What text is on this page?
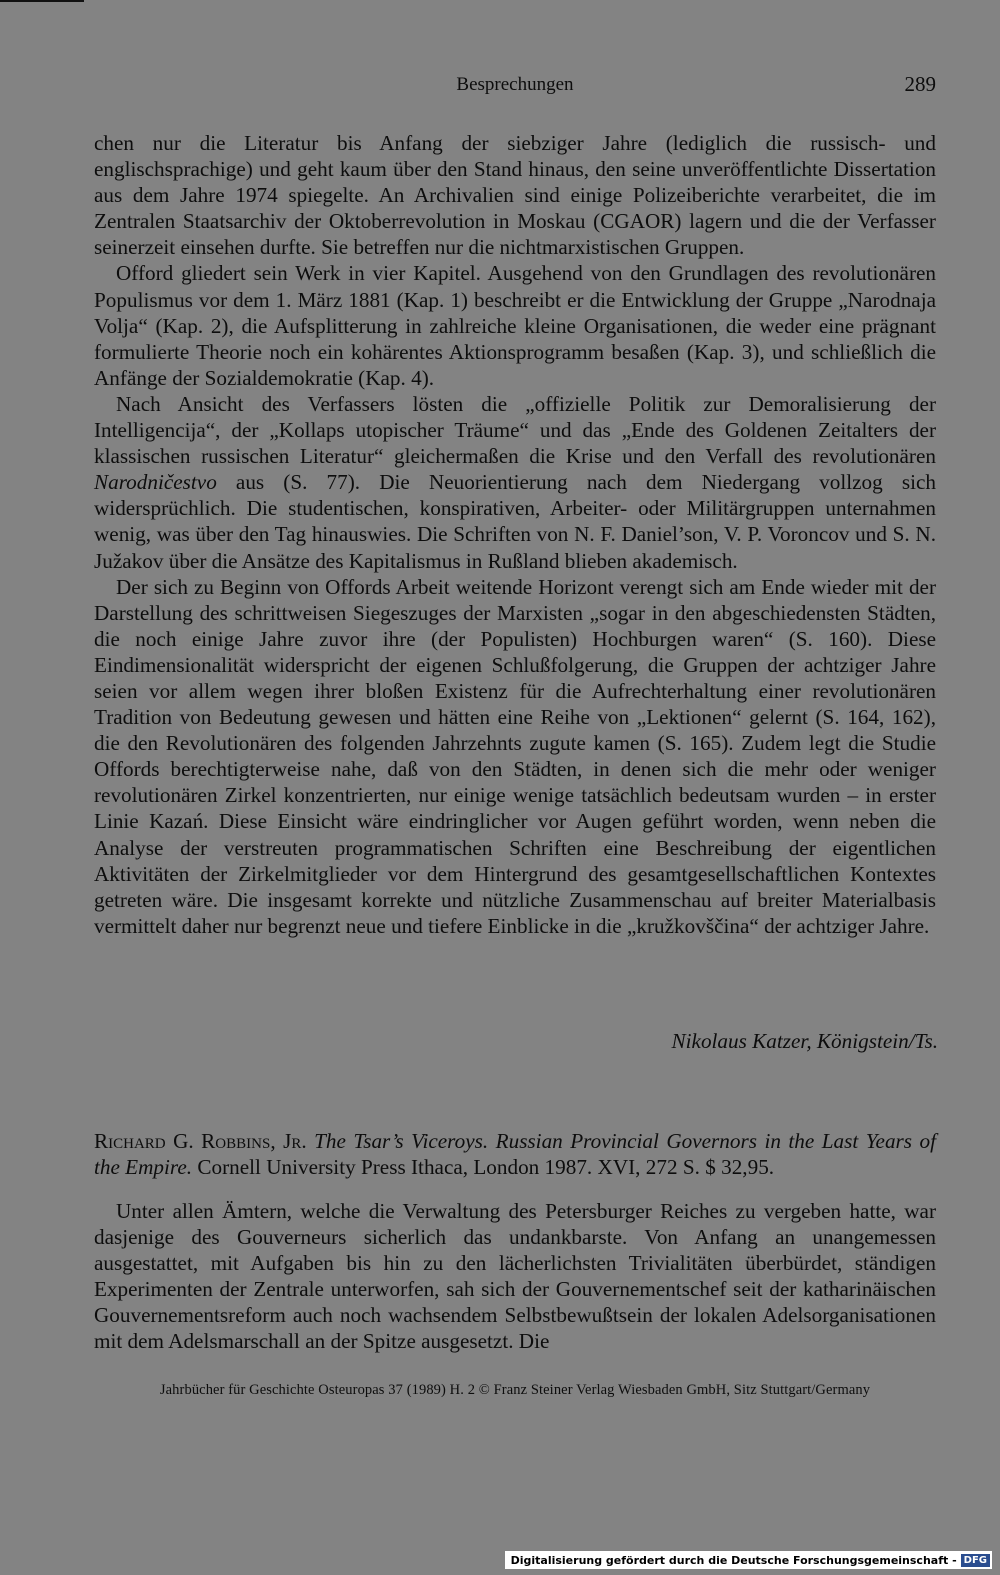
Besprechungen	289

chen nur die Literatur bis Anfang der siebziger Jahre (lediglich die russisch- und englischsprachige) und geht kaum über den Stand hinaus, den seine unveröffentlichte Dissertation aus dem Jahre 1974 spiegelte. An Archivalien sind einige Polizeiberichte verarbeitet, die im Zentralen Staatsarchiv der Oktoberrevolution in Moskau (CGAOR) lagern und die der Verfasser seinerzeit einsehen durfte. Sie betreffen nur die nichtmarxistischen Gruppen.

Offord gliedert sein Werk in vier Kapitel. Ausgehend von den Grundlagen des revolutionären Populismus vor dem 1. März 1881 (Kap. 1) beschreibt er die Entwicklung der Gruppe „Narodnaja Volja“ (Kap. 2), die Aufsplitterung in zahlreiche kleine Organisationen, die weder eine prägnant formulierte Theorie noch ein kohärentes Aktionsprogramm besaßen (Kap. 3), und schließlich die Anfänge der Sozialdemokratie (Kap. 4).

Nach Ansicht des Verfassers lösten die „offizielle Politik zur Demoralisierung der Intelligencija“, der „Kollaps utopischer Träume“ und das „Ende des Goldenen Zeitalters der klassischen russischen Literatur“ gleichermaßen die Krise und den Verfall des revolutionären Narodničestvo aus (S. 77). Die Neuorientierung nach dem Niedergang vollzog sich widersprüchlich. Die studentischen, konspirativen, Arbeiter- oder Militärgruppen unternahmen wenig, was über den Tag hinauswies. Die Schriften von N. F. Daniel’son, V. P. Voroncov und S. N. Južakov über die Ansätze des Kapitalismus in Rußland blieben akademisch.

Der sich zu Beginn von Offords Arbeit weitende Horizont verengt sich am Ende wieder mit der Darstellung des schrittweisen Siegeszuges der Marxisten „sogar in den abgeschiedensten Städten, die noch einige Jahre zuvor ihre (der Populisten) Hochburgen waren“ (S. 160). Diese Eindimensionalität widerspricht der eigenen Schlußfolgerung, die Gruppen der achtziger Jahre seien vor allem wegen ihrer bloßen Existenz für die Aufrechterhaltung einer revolutionären Tradition von Bedeutung gewesen und hätten eine Reihe von „Lektionen“ gelernt (S. 164, 162), die den Revolutionären des folgenden Jahrzehnts zugute kamen (S. 165). Zudem legt die Studie Offords berechtigterweise nahe, daß von den Städten, in denen sich die mehr oder weniger revolutionären Zirkel konzentrierten, nur einige wenige tatsächlich bedeutsam wurden – in erster Linie Kazań. Diese Einsicht wäre eindringlicher vor Augen geführt worden, wenn neben die Analyse der verstreuten programmatischen Schriften eine Beschreibung der eigentlichen Aktivitäten der Zirkelmitglieder vor dem Hintergrund des gesamtgesellschaftlichen Kontextes getreten wäre. Die insgesamt korrekte und nützliche Zusammenschau auf breiter Materialbasis vermittelt daher nur begrenzt neue und tiefere Einblicke in die „kružkovščina“ der achtziger Jahre.

Nikolaus Katzer, Königstein/Ts.
Richard G. Robbins, Jr. The Tsar’s Viceroys. Russian Provincial Governors in the Last Years of the Empire. Cornell University Press Ithaca, London 1987. XVI, 272 S. $ 32,95.

Unter allen Ämtern, welche die Verwaltung des Petersburger Reiches zu vergeben hatte, war dasjenige des Gouverneurs sicherlich das undankbarste. Von Anfang an unangemessen ausgestattet, mit Aufgaben bis hin zu den lächerlichsten Trivialitäten überbürdet, ständigen Experimenten der Zentrale unterworfen, sah sich der Gouvernementschef seit der katharinäischen Gouvernementsreform auch noch wachsendem Selbstbewußtsein der lokalen Adelsorganisationen mit dem Adelsmarschall an der Spitze ausgesetzt. Die

Jahrbücher für Geschichte Osteuropas 37 (1989) H. 2 © Franz Steiner Verlag Wiesbaden GmbH, Sitz Stuttgart/Germany
Digitalisierung gefördert durch die Deutsche Forschungsgemeinschaft - DFG
